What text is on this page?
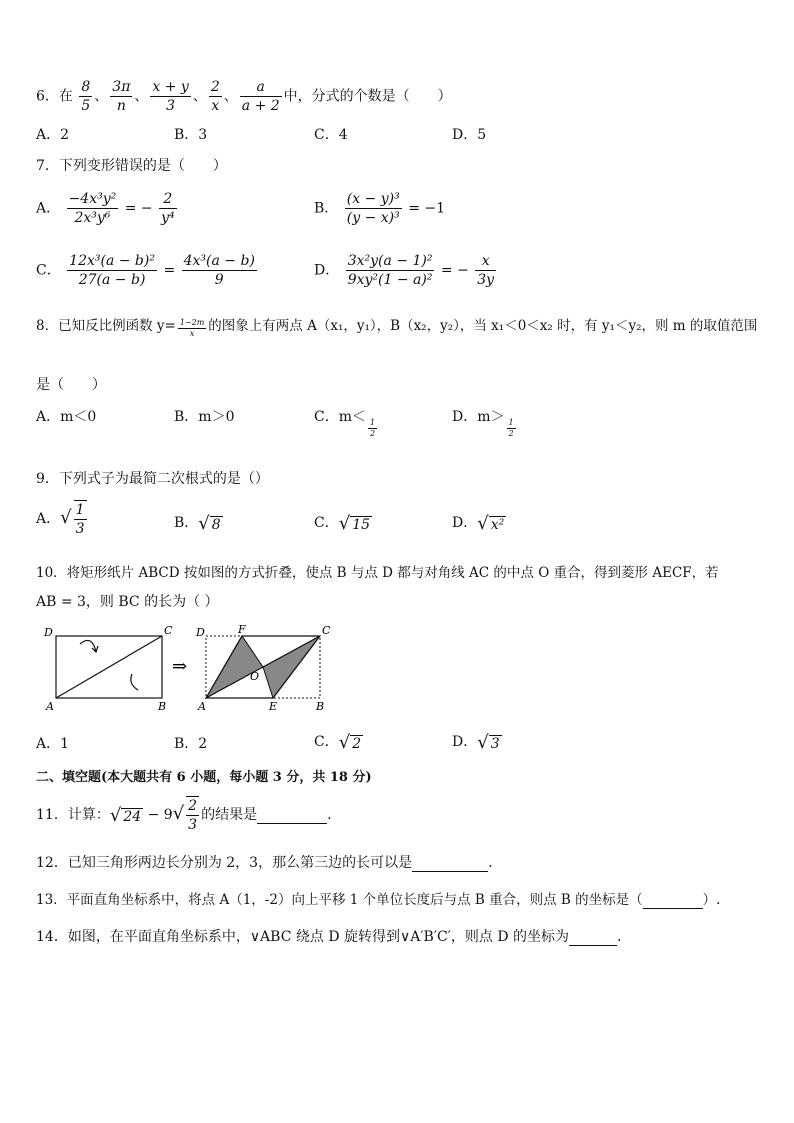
6．在 $\frac{8}{5}$ 、 $\frac{3\pi}{n}$ 、 $\frac{x + y}{3}$ 、 $\frac{2}{x}$ 、 $\frac{a}{a + 2}$ 中，分式的个数是（　　）
A．2	B．3	C．4	D．5
7．下列变形错误的是（　　）
A． $\frac{\text{−4x³y²}}{\text{2x³y⁶}}$ = − $\frac{2}{\text{y⁴}}$	B． $\frac{\text{(x − y)³}}{\text{(y − x)³}} = -1$
C． $\frac{\text{12x³(a − b)²}}{27(a - b)} = \frac{\text{4x³(a − b)}}{9}$	D． $\frac{\text{3x²y(a − 1)²}}{\text{9xy²(1 − a)²}}$ = − $\frac{x}{3y}$
8．已知反比例函数 $y= \frac{1-2m}{x}$ 的图象上有两点 A（x₁，y₁），B（x₂，y₂），当 x₁＜0＜x₂ 时，有 y₁＜y₂，则 m 的取值范围
是（　　）
A．m＜0	B．m＞0	C．m＜
$\frac{1}{2}$
D．m＞
$\frac{1}{2}$
9．下列式子为最简二次根式的是（）
A．√ $\frac{1}{3}$	B．√ 8	C．√ 15	D．√ x²
10．将矩形纸片 ABCD 按如图的方式折叠，使点 B 与点 D 都与对角线 AC 的中点 O 重合，得到菱形 AECF，若
AB = 3，则 BC 的长为（ ）
D	C
A	B
⇒
D	F	C
O
A	E	B
A．1	B．2	C．√ 2	D．√ 3
二、填空题(本大题共有 6 小题，每小题 3 分，共 18 分)
11．计算：√ $24 - 9√ \frac{2}{3}$ 的结果是	.
12．已知三角形两边长分别为 2，3，那么第三边的长可以是	.
13．平面直角坐标系中，将点 A（1，-2）向上平移 1 个单位长度后与点 B 重合，则点 B 的坐标是（	）.
14．如图，在平面直角坐标系中，∨ABC 绕点 D 旋转得到∨A′B′C′，则点 D 的坐标为	.
